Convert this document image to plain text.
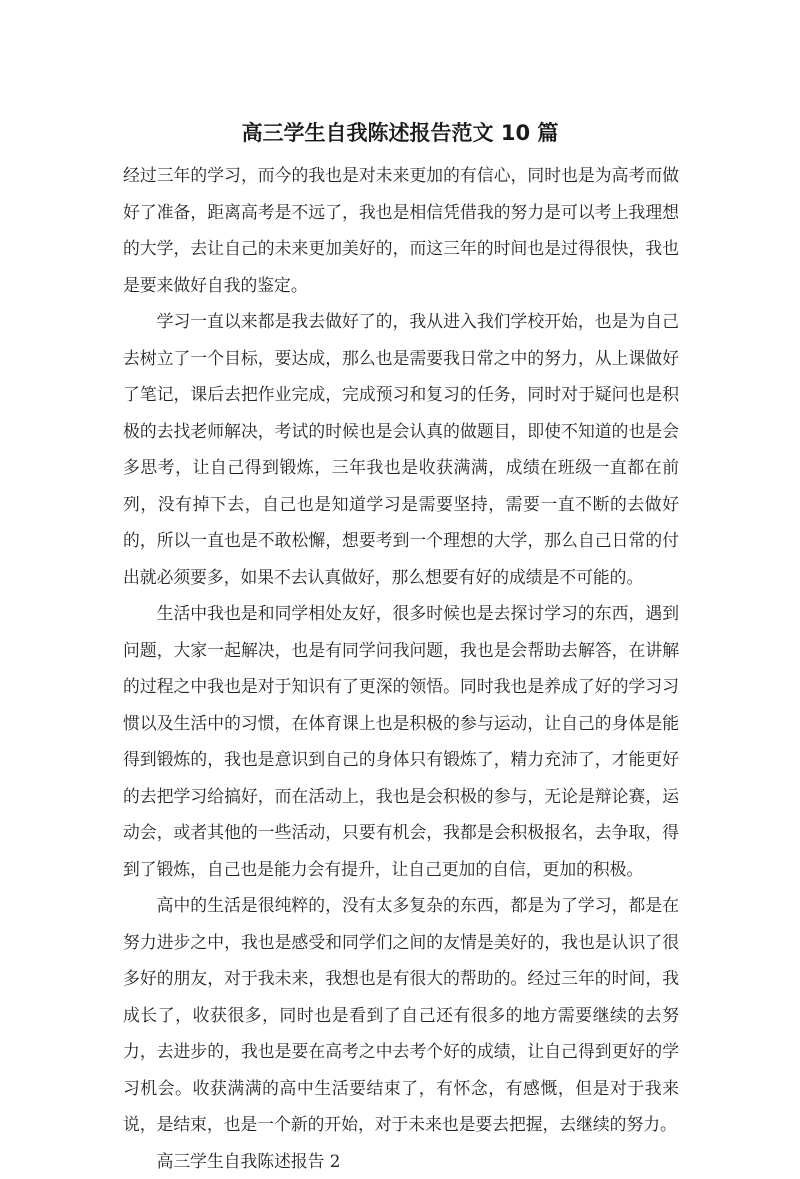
高三学生自我陈述报告范文 10 篇

经过三年的学习，而今的我也是对未来更加的有信心，同时也是为高考而做好了准备，距离高考是不远了，我也是相信凭借我的努力是可以考上我理想的大学，去让自己的未来更加美好的，而这三年的时间也是过得很快，我也是要来做好自我的鉴定。

学习一直以来都是我去做好了的，我从进入我们学校开始，也是为自己去树立了一个目标，要达成，那么也是需要我日常之中的努力，从上课做好了笔记，课后去把作业完成，完成预习和复习的任务，同时对于疑问也是积极的去找老师解决，考试的时候也是会认真的做题目，即使不知道的也是会多思考，让自己得到锻炼，三年我也是收获满满，成绩在班级一直都在前列，没有掉下去，自己也是知道学习是需要坚持，需要一直不断的去做好的，所以一直也是不敢松懈，想要考到一个理想的大学，那么自己日常的付出就必须要多，如果不去认真做好，那么想要有好的成绩是不可能的。

生活中我也是和同学相处友好，很多时候也是去探讨学习的东西，遇到问题，大家一起解决，也是有同学问我问题，我也是会帮助去解答，在讲解的过程之中我也是对于知识有了更深的领悟。同时我也是养成了好的学习习惯以及生活中的习惯，在体育课上也是积极的参与运动，让自己的身体是能得到锻炼的，我也是意识到自己的身体只有锻炼了，精力充沛了，才能更好的去把学习给搞好，而在活动上，我也是会积极的参与，无论是辩论赛，运动会，或者其他的一些活动，只要有机会，我都是会积极报名，去争取，得到了锻炼，自己也是能力会有提升，让自己更加的自信，更加的积极。

高中的生活是很纯粹的，没有太多复杂的东西，都是为了学习，都是在努力进步之中，我也是感受和同学们之间的友情是美好的，我也是认识了很多好的朋友，对于我未来，我想也是有很大的帮助的。经过三年的时间，我成长了，收获很多，同时也是看到了自己还有很多的地方需要继续的去努力，去进步的，我也是要在高考之中去考个好的成绩，让自己得到更好的学习机会。收获满满的高中生活要结束了，有怀念，有感慨，但是对于我来说，是结束，也是一个新的开始，对于未来也是要去把握，去继续的努力。

高三学生自我陈述报告 2
